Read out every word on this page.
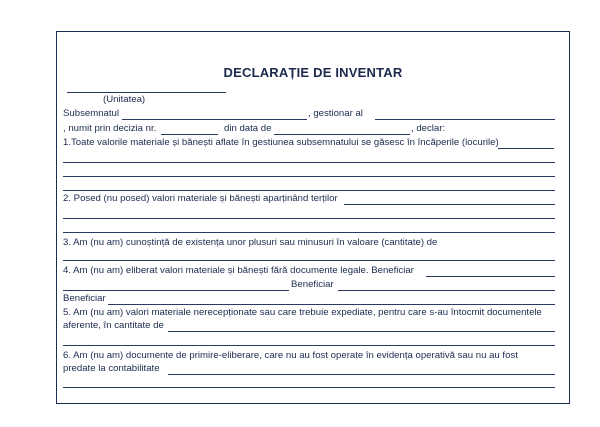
DECLARAȚIE DE INVENTAR
(Unitatea)
Subsemnatul	, gestionar al
, numit prin decizia nr.	din data de	, declar:
1.Toate valorile materiale și bănești aflate în gestiunea subsemnatului se găsesc în încăperile (locurile)
2. Posed (nu posed) valori materiale și bănești aparținând terților
3. Am (nu am) cunoștință de existența unor plusuri sau minusuri în valoare (cantitate) de
4. Am (nu am) eliberat valori materiale și bănești fără documente legale. Beneficiar
Beneficiar
Beneficiar
5. Am (nu am) valori materiale nerecepționate sau care trebuie expediate, pentru care s-au întocmit documentele
aferente, în cantitate de
6. Am (nu am) documente de primire-eliberare, care nu au fost operate în evidența operativă sau nu au fost
predate la contabilitate
